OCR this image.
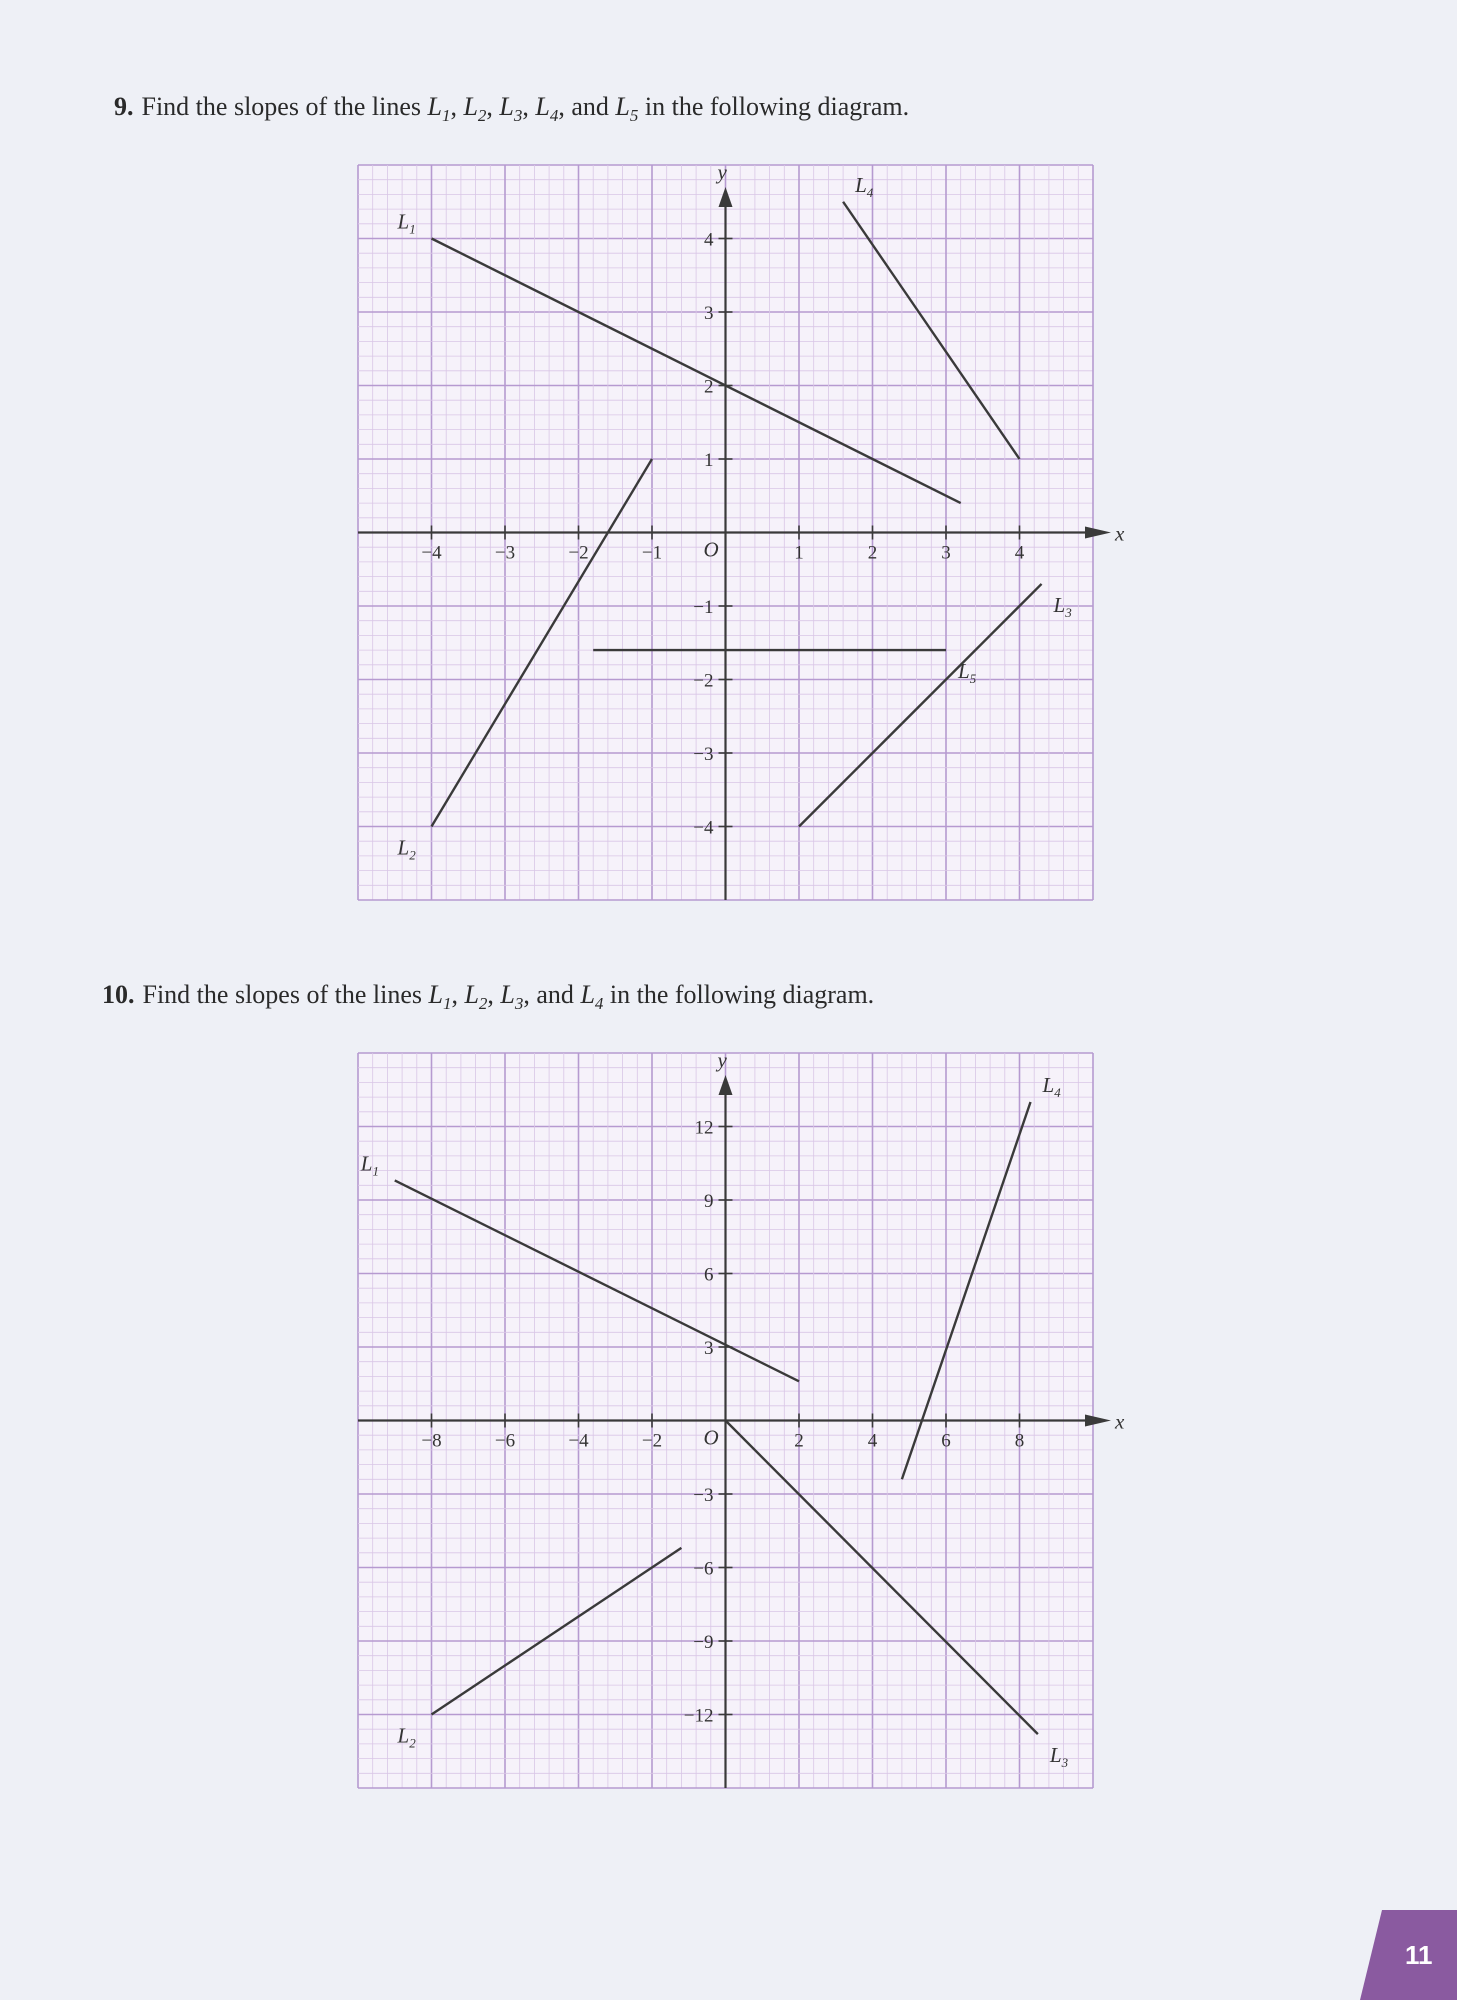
9. Find the slopes of the lines $L_1$, $L_2$, $L_3$, $L_4$, and $L_5$ in the following diagram.
x
y
O
−4	−3	−2	−1	1	2	3	4
4
3
2
1
−1
−2
−3
−4
$L_1$
$L_2$
$L_3$
$L_4$
$L_5$
10. Find the slopes of the lines $L_1$, $L_2$, $L_3$, and $L_4$ in the following diagram.
x
y
O
−8	−6	−4	−2	2	4	6	8
12
9
6
3
−3
−6
−9
−12
$L_1$
$L_2$
$L_3$
$L_4$
11
